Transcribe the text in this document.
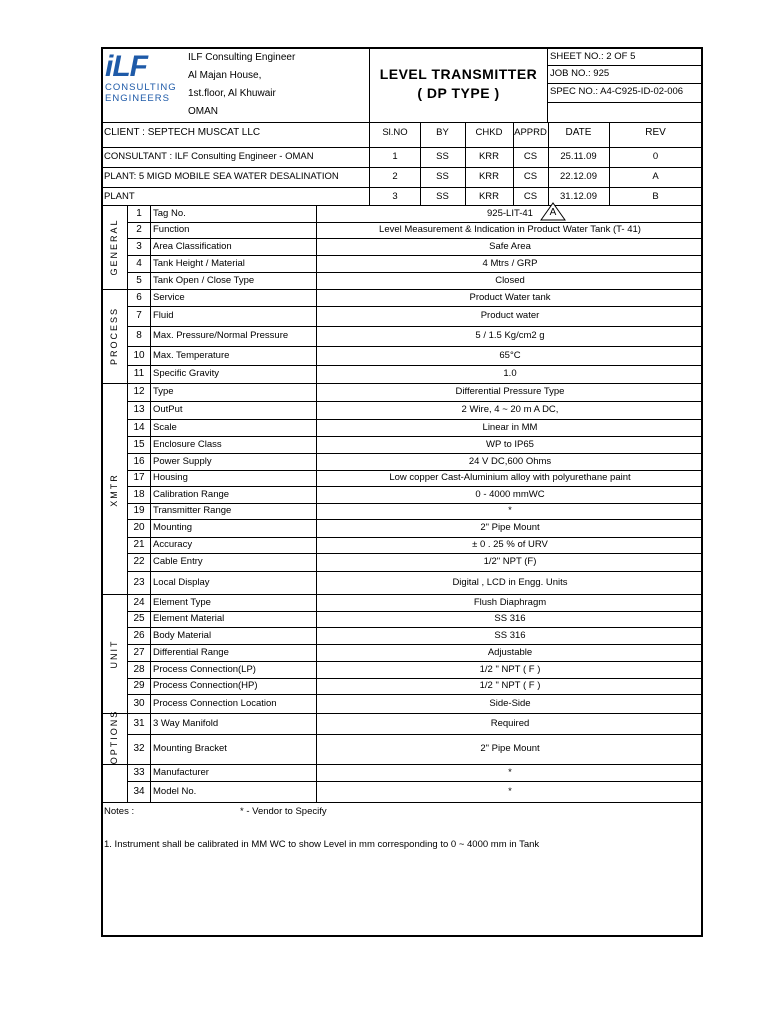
iLF
CONSULTING
ENGINEERS
ILF Consulting Engineer
Al Majan House,
1st.floor, Al Khuwair
OMAN
LEVEL TRANSMITTER
( DP TYPE )
SHEET NO.: 2 OF 5
JOB NO.: 925
SPEC NO.: A4-C925-ID-02-006
CLIENT : SEPTECH MUSCAT LLC
CONSULTANT : ILF Consulting Engineer - OMAN
PLANT: 5 MIGD MOBILE SEA WATER DESALINATION
PLANT
Sl.NO	BY	CHKD	APPRD	DATE	REV
1	SS	KRR	CS	25.11.09	0
2	SS	KRR	CS	22.12.09	A
3	SS	KRR	CS	31.12.09	B
1	Tag No.	925-LIT-41
2	Function	Level Measurement & Indication in Product Water Tank (T- 41)
3	Area Classification	Safe Area
4	Tank Height / Material	4 Mtrs / GRP
5	Tank Open / Close Type	Closed
6	Service	Product Water tank
7	Fluid	Product water
8	Max. Pressure/Normal Pressure	5 / 1.5 Kg/cm2 g
10 Max. Temperature	65°C
11 Specific Gravity	1.0
12 Type	Differential Pressure Type
13 OutPut	2 Wire, 4 ~ 20 m A DC,
14 Scale	Linear in MM
15 Enclosure Class	WP to IP65
16 Power Supply	24 V DC,600 Ohms
17 Housing	Low copper Cast-Aluminium alloy with polyurethane paint
18 Calibration Range	0 - 4000 mmWC
19 Transmitter Range	*
20 Mounting	2" Pipe Mount
21 Accuracy	± 0 . 25 % of URV
22 Cable Entry	1/2" NPT (F)
23 Local Display	Digital , LCD in Engg. Units
24 Element Type	Flush Diaphragm
25 Element Material	SS 316
26 Body Material	SS 316
27 Differential Range	Adjustable
28 Process Connection(LP)	1/2 " NPT ( F )
29 Process Connection(HP)	1/2 " NPT ( F )
30 Process Connection Location	Side-Side
31 3 Way Manifold	Required
32 Mounting Bracket	2" Pipe Mount
33 Manufacturer	*
34 Model No.	*
A
GENERAL
PROCESS
XMTR
UNIT
OPTIONS
Notes :	* - Vendor to Specify
1. Instrument shall be calibrated in MM WC to show Level in mm corresponding to 0 ~ 4000 mm in Tank
